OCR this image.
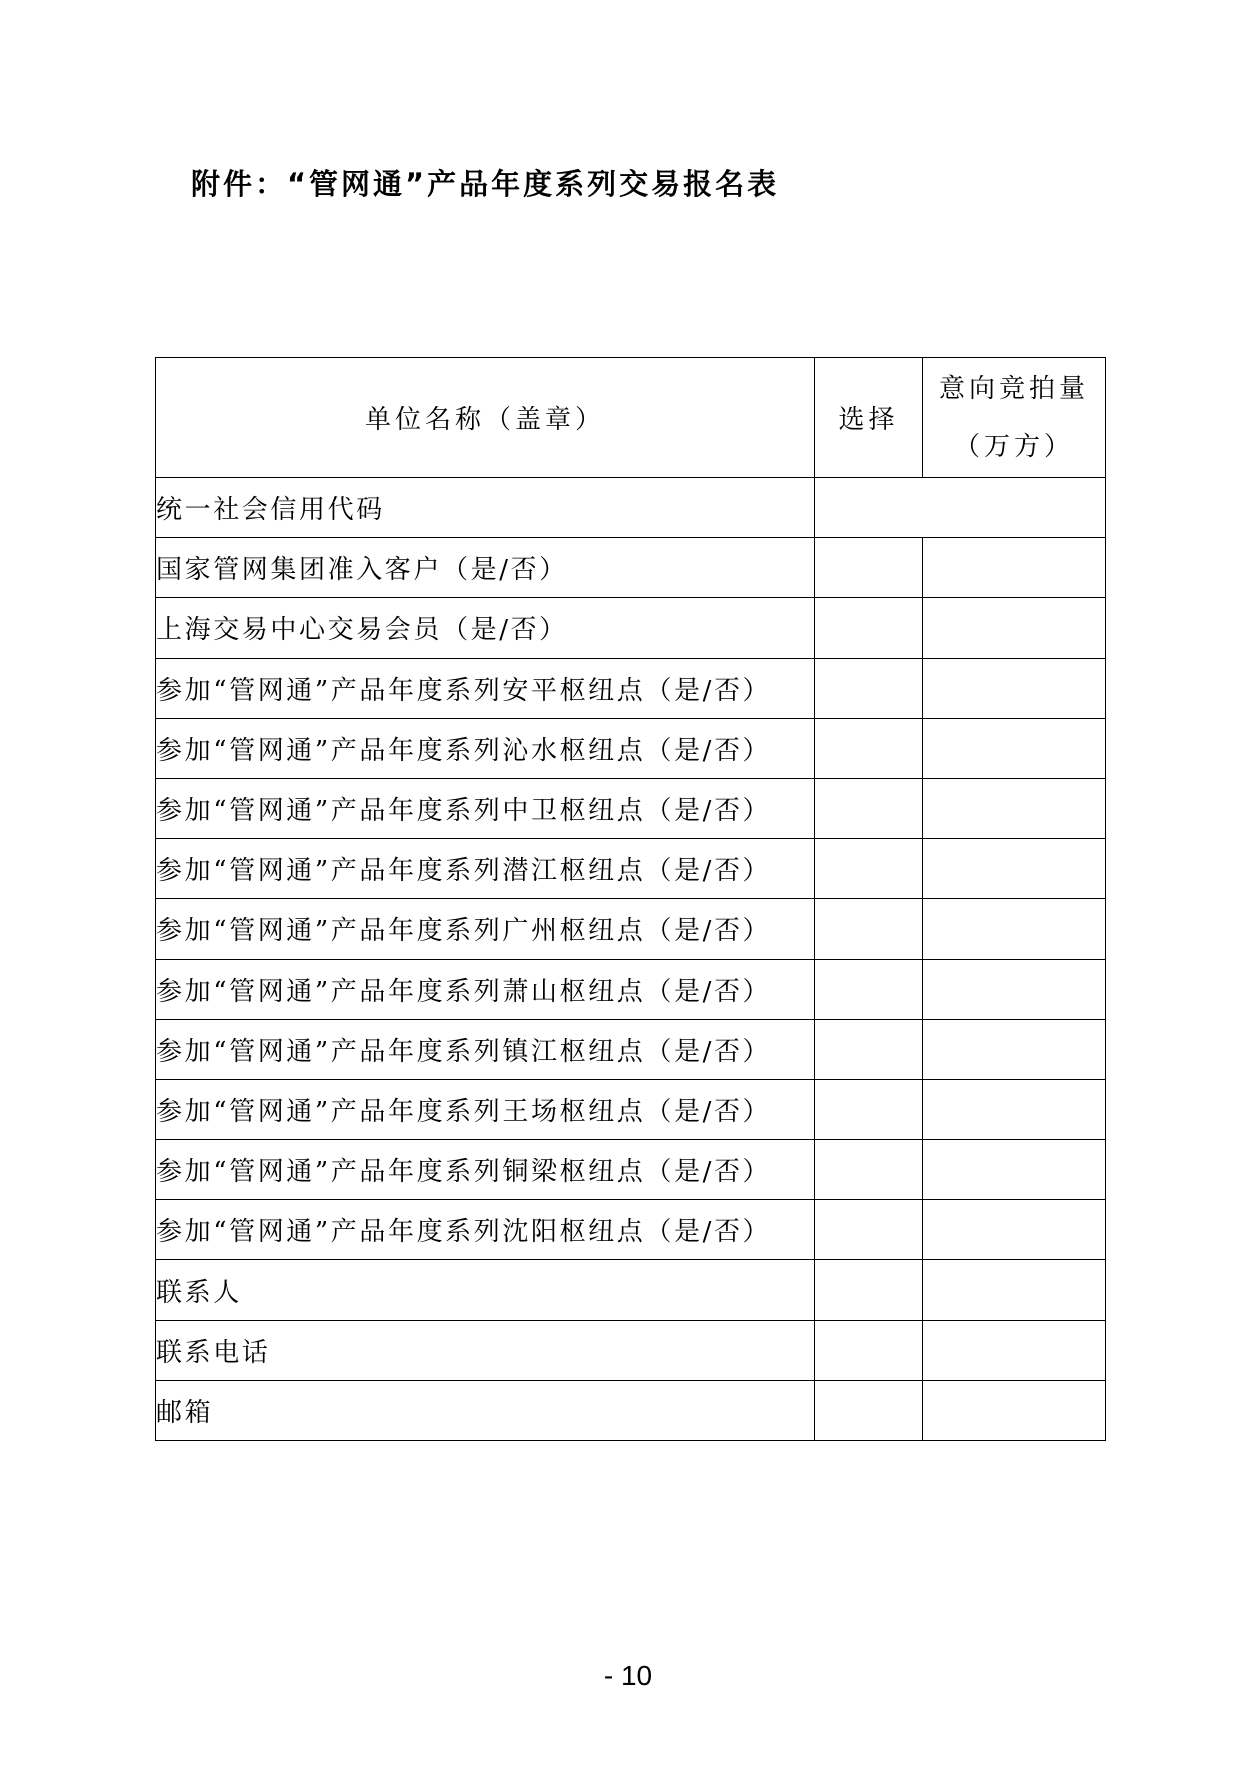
附件：“管网通”产品年度系列交易报名表
单位名称（盖章）	选择	意向竞拍量
（万方）
统一社会信用代码		
国家管网集团准入客户（是/否）		
上海交易中心交易会员（是/否）		
参加“管网通”产品年度系列安平枢纽点（是/否）		
参加“管网通”产品年度系列沁水枢纽点（是/否）		
参加“管网通”产品年度系列中卫枢纽点（是/否）		
参加“管网通”产品年度系列潜江枢纽点（是/否）		
参加“管网通”产品年度系列广州枢纽点（是/否）		
参加“管网通”产品年度系列萧山枢纽点（是/否）		
参加“管网通”产品年度系列镇江枢纽点（是/否）		
参加“管网通”产品年度系列王场枢纽点（是/否）		
参加“管网通”产品年度系列铜梁枢纽点（是/否）		
参加“管网通”产品年度系列沈阳枢纽点（是/否）		
联系人		
联系电话		
邮箱		
- 10
